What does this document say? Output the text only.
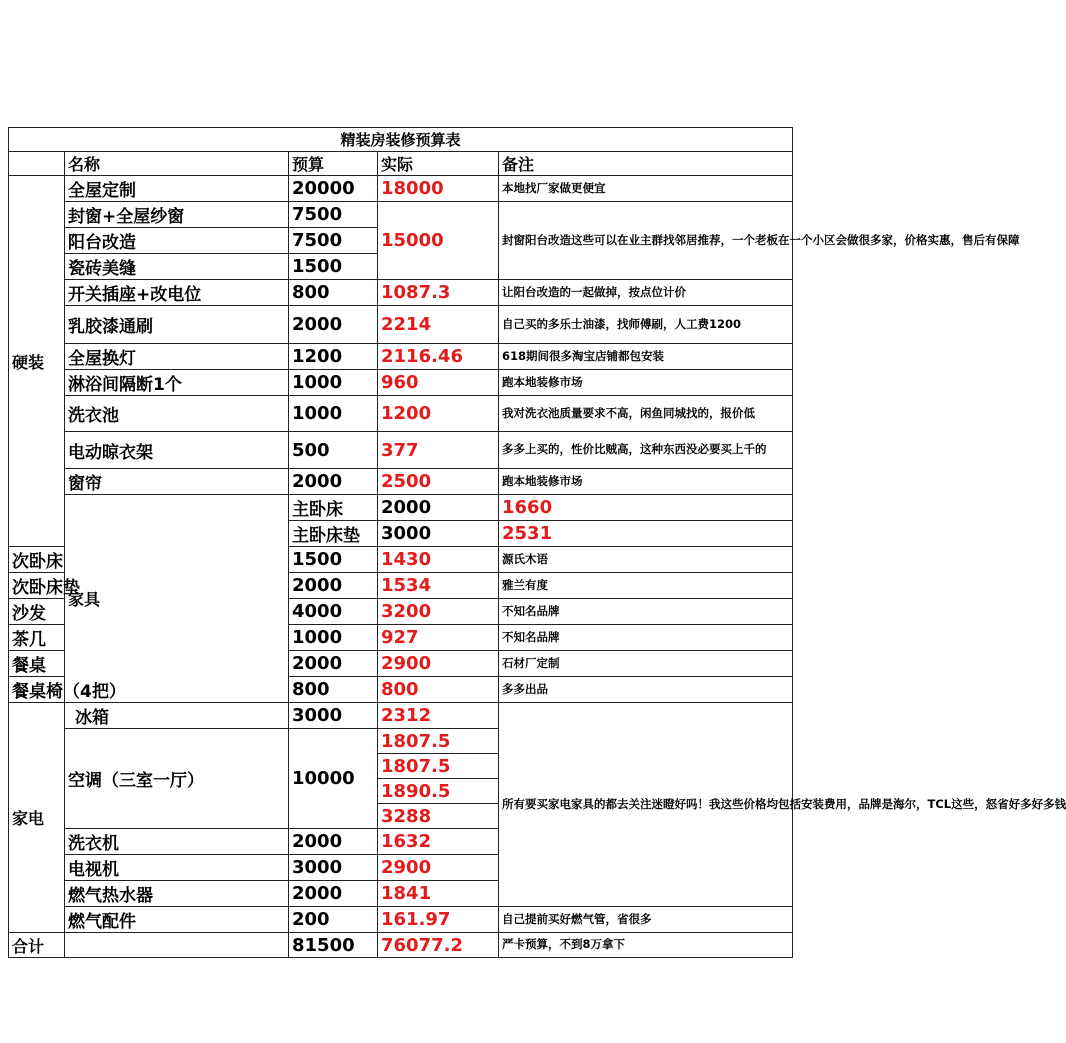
精装房装修预算表					
	名称	预算	实际	备注	
硬装	全屋定制	20000	18000	本地找厂家做更便宜	
	封窗+全屋纱窗	7500	15000	封窗阳台改造这些可以在业主群找邻居推荐，一个老板在一个小区会做很多家，价格实惠，售后有保障	
	阳台改造	7500			
	瓷砖美缝	1500			
	开关插座+改电位	800	1087.3	让阳台改造的一起做掉，按点位计价	
	乳胶漆通刷	2000	2214	自己买的多乐士油漆，找师傅刷，人工费1200	
	全屋换灯	1200	2116.46	618期间很多淘宝店铺都包安装	
	淋浴间隔断1个	1000	960	跑本地装修市场	
	洗衣池	1000	1200	我对洗衣池质量要求不高，闲鱼同城找的，报价低	
	电动晾衣架	500	377	多多上买的，性价比贼高，这种东西没必要买上千的	
	窗帘	2000	2500	跑本地装修市场	
	家具	主卧床	2000	1660	
		主卧床垫	3000	2531	
次卧床		1500	1430	源氏木语	
次卧床垫		2000	1534	雅兰有度	
沙发		4000	3200	不知名品牌	
茶几		1000	927	不知名品牌	
餐桌		2000	2900	石材厂定制	
餐桌椅（4把）		800	800	多多出品	
家电	冰箱	3000	2312	所有要买家电家具的都去关注迷瞪好吗！我这些价格均包括安装费用，品牌是海尔，TCL这些，怒省好多好多钱	
	空调（三室一厅）	10000	1807.5		
			1807.5		
			1890.5		
			3288		
	洗衣机	2000	1632		
	电视机	3000	2900		
	燃气热水器	2000	1841		
	燃气配件	200	161.97	自己提前买好燃气管，省很多	
合计		81500	76077.2	严卡预算，不到8万拿下	
